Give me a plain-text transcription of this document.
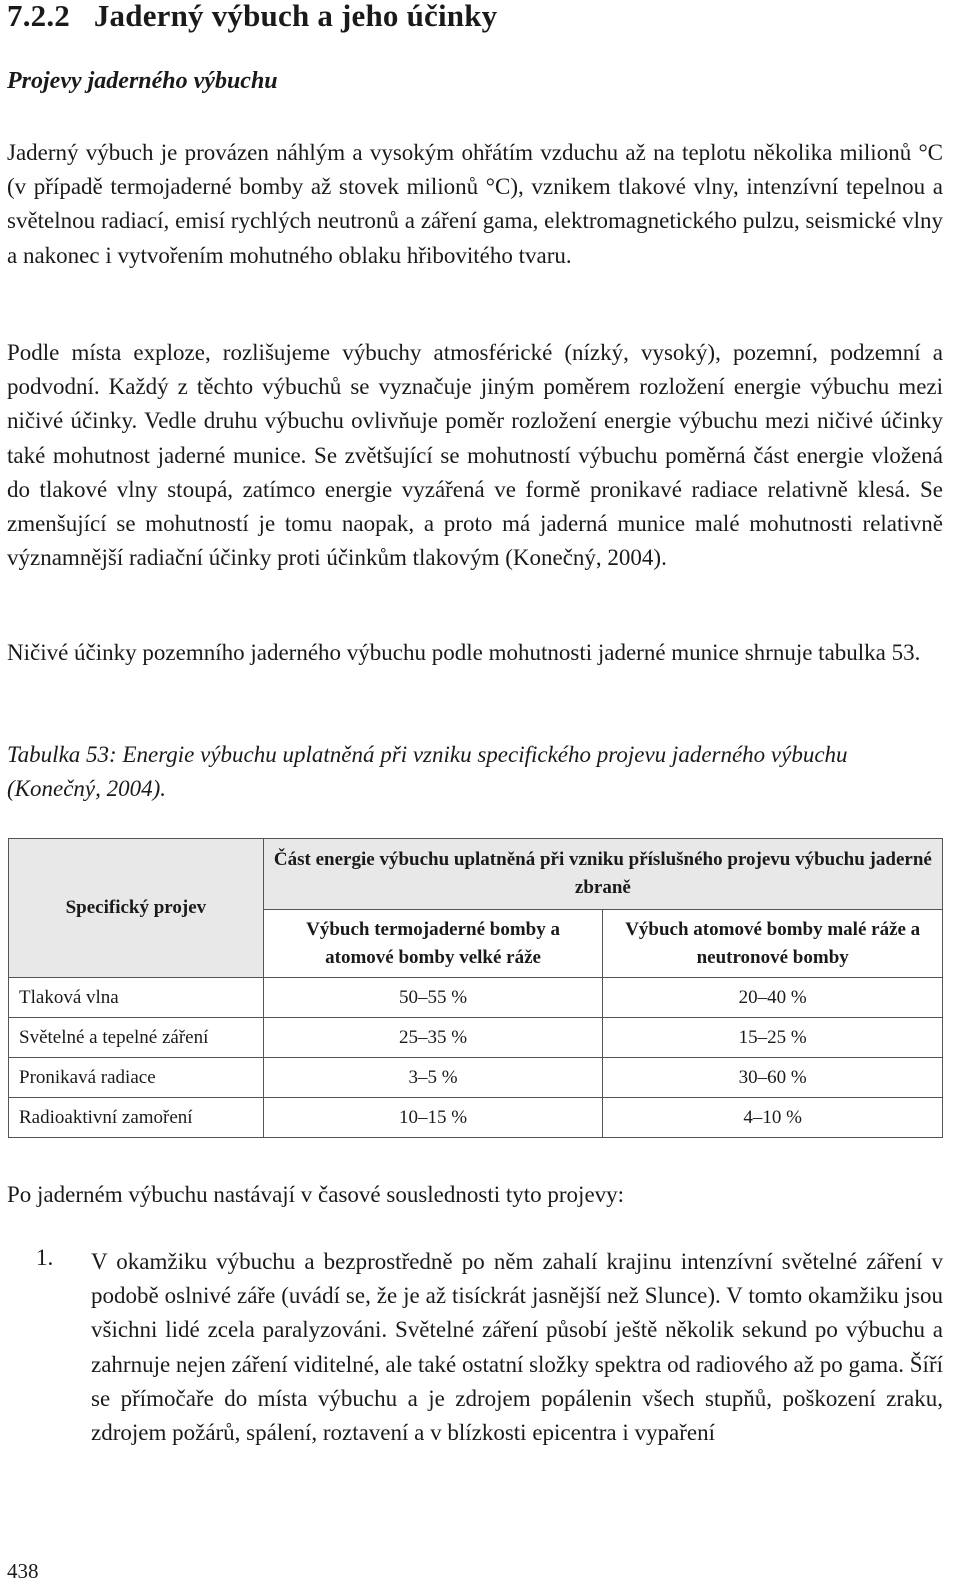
7.2.2 Jaderný výbuch a jeho účinky
Projevy jaderného výbuchu

Jaderný výbuch je provázen náhlým a vysokým ohřátím vzduchu až na teplotu několika milionů °C (v případě termojaderné bomby až stovek milionů °C), vznikem tlakové vlny, intenzívní tepelnou a světelnou radiací, emisí rychlých neutronů a záření gama, elektromagnetického pulzu, seismické vlny a nakonec i vytvořením mohutného oblaku hřibovitého tvaru.

Podle místa exploze, rozlišujeme výbuchy atmosférické (nízký, vysoký), pozemní, podzemní a podvodní. Každý z těchto výbuchů se vyznačuje jiným poměrem rozložení energie výbuchu mezi ničivé účinky. Vedle druhu výbuchu ovlivňuje poměr rozložení energie výbuchu mezi ničivé účinky také mohutnost jaderné munice. Se zvětšující se mohutností výbuchu poměrná část energie vložená do tlakové vlny stoupá, zatímco energie vyzářená ve formě pronikavé radiace relativně klesá. Se zmenšující se mohutností je tomu naopak, a proto má jaderná munice malé mohutnosti relativně významnější radiační účinky proti účinkům tlakovým (Konečný, 2004).

Ničivé účinky pozemního jaderného výbuchu podle mohutnosti jaderné munice shrnuje tabulka 53.

Tabulka 53: Energie výbuchu uplatněná při vzniku specifického projevu jaderného výbuchu (Konečný, 2004).

Specifický projev	Část energie výbuchu uplatněná při vzniku příslušného projevu výbuchu jaderné zbraně	
	Výbuch termojaderné bomby a atomové bomby velké ráže	Výbuch atomové bomby malé ráže a neutronové bomby
Tlaková vlna	50–55 %	20–40 %
Světelné a tepelné záření	25–35 %	15–25 %
Pronikavá radiace	3–5 %	30–60 %
Radioaktivní zamoření	10–15 %	4–10 %

Po jaderném výbuchu nastávají v časové souslednosti tyto projevy:

1. V okamžiku výbuchu a bezprostředně po něm zahalí krajinu intenzívní světelné záření v podobě oslnivé záře (uvádí se, že je až tisíckrát jasnější než Slunce). V tomto okamžiku jsou všichni lidé zcela paralyzováni. Světelné záření působí ještě několik sekund po výbuchu a zahrnuje nejen záření viditelné, ale také ostatní složky spektra od radiového až po gama. Šíří se přímočaře do místa výbuchu a je zdrojem popálenin všech stupňů, poškození zraku, zdrojem požárů, spálení, roztavení a v blízkosti epicentra i vypaření

438
